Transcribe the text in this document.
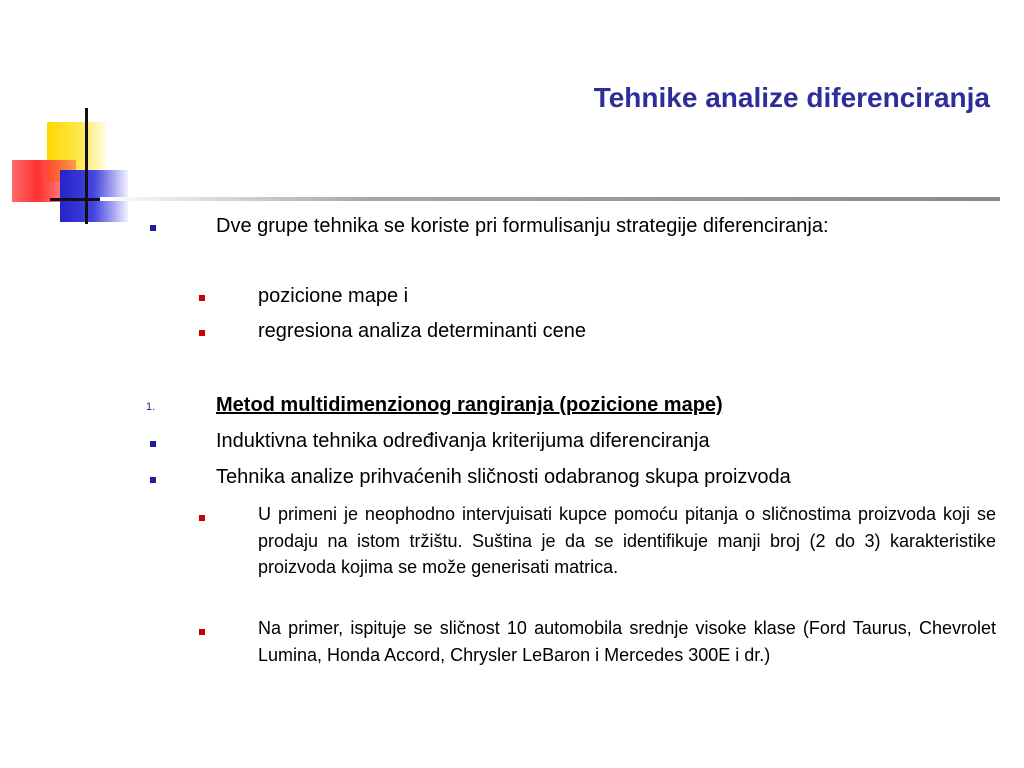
Tehnike analize diferenciranja
Dve grupe tehnika se koriste pri formulisanju strategije diferenciranja:
pozicione mape i
regresiona analiza determinanti cene
1.	Metod multidimenzionog rangiranja (pozicione mape)
Induktivna tehnika određivanja kriterijuma diferenciranja
Tehnika analize prihvaćenih sličnosti odabranog skupa proizvoda
U primeni je neophodno intervjuisati kupce pomoću pitanja o sličnostima proizvoda koji se prodaju na istom tržištu. Suština je da se identifikuje manji broj (2 do 3) karakteristike proizvoda kojima se može generisati matrica.
Na primer, ispituje se sličnost 10 automobila srednje visoke klase (Ford Taurus, Chevrolet Lumina, Honda Accord, Chrysler LeBaron i Mercedes 300E i dr.)
